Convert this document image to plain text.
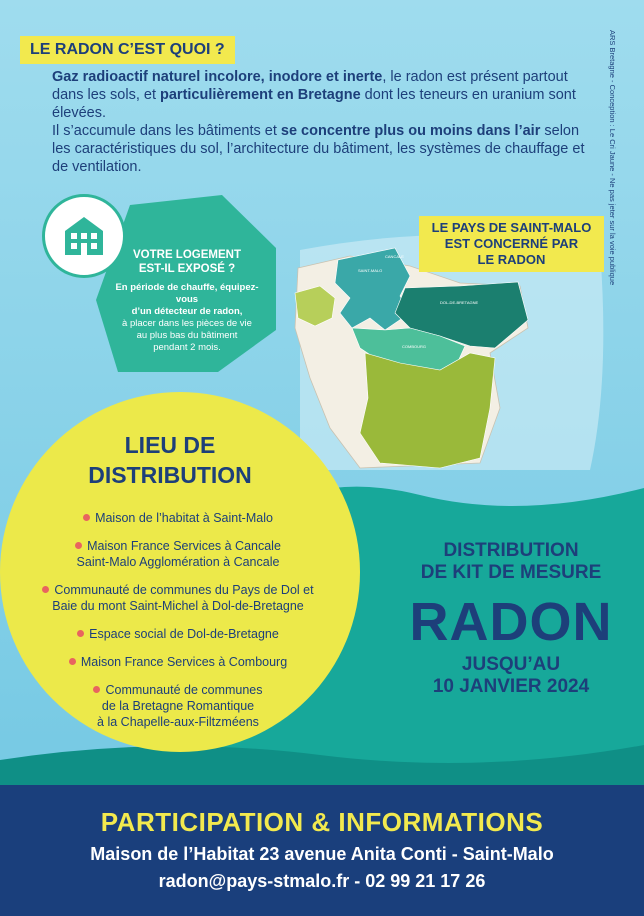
SAINT-MALO
DOL-DE-BRETAGNE
COMBOURG
CANCALE
LE RADON C’EST QUOI ?

Gaz radioactif naturel incolore, inodore et inerte, le radon est présent partout dans les sols, et particulièrement en Bretagne dont les teneurs en uranium sont élevées.

Il s’accumule dans les bâtiments et se concentre plus ou moins dans l’air selon les caractéristiques du sol, l’architecture du bâtiment, les systèmes de chauffage et de ventilation.	ARS Bretagne - Conception : Le Cri Jaune - Ne pas jeter sur la voie publique
LE PAYS DE SAINT-MALO
EST CONCERNÉ PAR
LE RADON
VOTRE LOGEMENT
EST-IL EXPOSÉ ?
En période de chauffe, équipez-vous
d’un détecteur de radon,
à placer dans les pièces de vie
au plus bas du bâtiment
pendant 2 mois.
LIEU DE
DISTRIBUTION
Maison de l’habitat à Saint-Malo
Maison France Services à Cancale
Saint-Malo Agglomération à Cancale
Communauté de communes du Pays de Dol et
Baie du mont Saint-Michel à Dol-de-Bretagne
Espace social de Dol-de-Bretagne
Maison France Services à Combourg
Communauté de communes
de la Bretagne Romantique
à la Chapelle-aux-Filtzméens
DISTRIBUTION
DE KIT DE MESURE
RADON
JUSQU’AU
10 JANVIER 2024
PARTICIPATION & INFORMATIONS
Maison de l’Habitat 23 avenue Anita Conti - Saint-Malo
radon@pays-stmalo.fr - 02 99 21 17 26
